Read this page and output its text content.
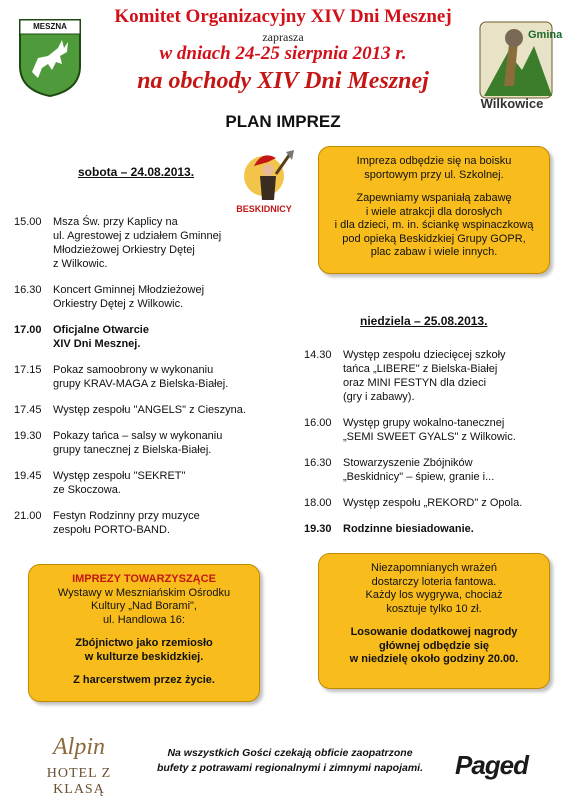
MESZNA
Gmina
Wilkowice
Komitet Organizacyjny XIV Dni Mesznej
zaprasza
w dniach 24-25 sierpnia 2013 r.
na obchody XIV Dni Mesznej
PLAN IMPREZ
sobota – 24.08.2013.
BESKIDNICY
15.00	Msza Św. przy Kaplicy na
ul. Agrestowej z udziałem Gminnej
Młodzieżowej Orkiestry Dętej
z Wilkowic.
16.30	Koncert Gminnej Młodzieżowej
Orkiestry Dętej z Wilkowic.
17.00	Oficjalne Otwarcie
XIV Dni Mesznej.
17.15	Pokaz samoobrony w wykonaniu
grupy KRAV-MAGA z Bielska-Białej.
17.45	Występ zespołu "ANGELS" z Cieszyna.
19.30	Pokazy tańca – salsy w wykonaniu
grupy tanecznej z Bielska-Białej.
19.45	Występ zespołu "SEKRET"
ze Skoczowa.
21.00	Festyn Rodzinny przy muzyce
zespołu PORTO-BAND.

Impreza odbędzie się na boisku
sportowym przy ul. Szkolnej.

Zapewniamy wspaniałą zabawę
i wiele atrakcji dla dorosłych
i dla dzieci, m. in. ściankę wspinaczkową
pod opieką Beskidzkiej Grupy GOPR,
plac zabaw i wiele innych.

niedziela – 25.08.2013.
14.30	Występ zespołu dziecięcej szkoły
tańca „LIBERE" z Bielska-Białej
oraz MINI FESTYN dla dzieci
(gry i zabawy).
16.00	Występ grupy wokalno-tanecznej
„SEMI SWEET GYALS" z Wilkowic.
16.30	Stowarzyszenie Zbójników
„Beskidnicy" – śpiew, granie i...
18.00	Występ zespołu „REKORD" z Opola.
19.30	Rodzinne biesiadowanie.

IMPREZY TOWARZYSZĄCE

Wystawy w Meszniańskim Ośrodku
Kultury „Nad Borami",
ul. Handlowa 16:

Zbójnictwo jako rzemiosło
w kulturze beskidzkiej.

Z harcerstwem przez życie.

Niezapomnianych wrażeń
dostarczy loteria fantowa.
Każdy los wygrywa, chociaż
kosztuje tylko 10 zł.

Losowanie dodatkowej nagrody
głównej odbędzie się
w niedzielę około godziny 20.00.

Alpin
HOTEL Z KLASĄ
Na wszystkich Gości czekają obficie zaopatrzone
bufety z potrawami regionalnymi i zimnymi napojami.	Paged
